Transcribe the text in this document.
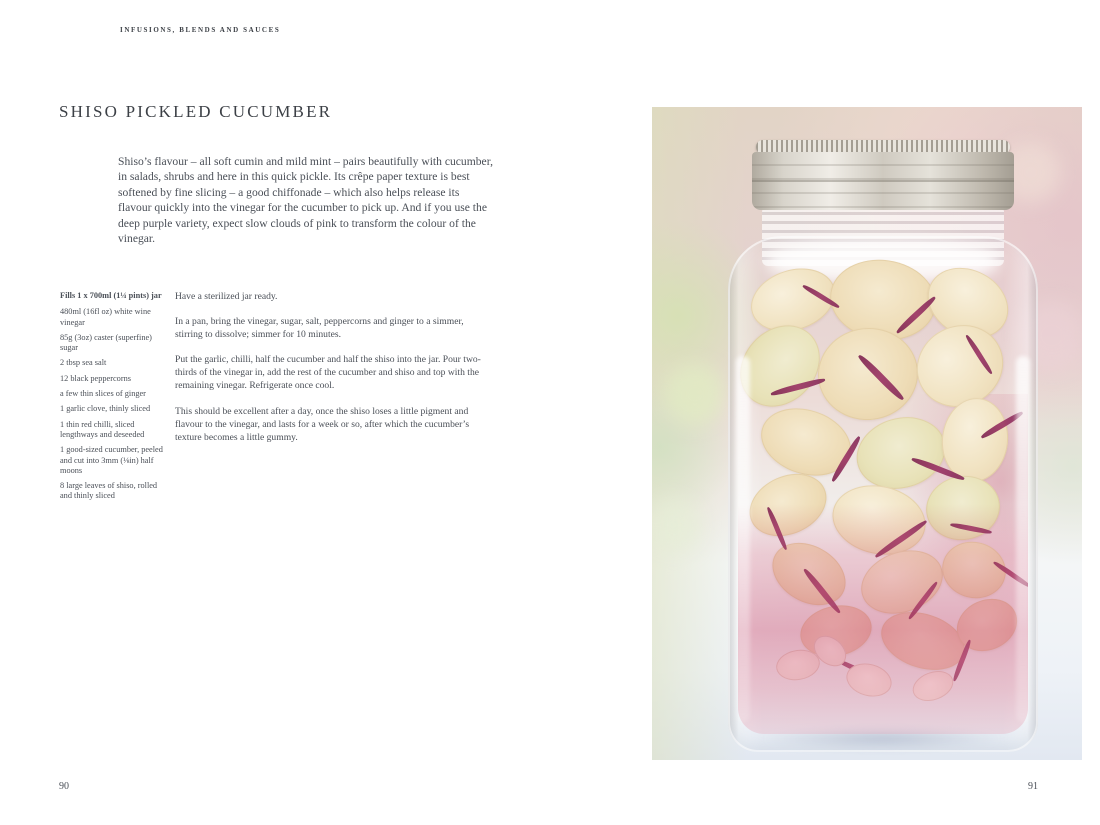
INFUSIONS, BLENDS AND SAUCES
SHISO PICKLED CUCUMBER

Shiso’s flavour – all soft cumin and mild mint – pairs beautifully with cucumber, in salads, shrubs and here in this quick pickle. Its crêpe paper texture is best softened by fine slicing – a good chiffonade – which also helps release its flavour quickly into the vinegar for the cucumber to pick up. And if you use the deep purple variety, expect slow clouds of pink to transform the colour of the vinegar.

Fills 1 x 700ml (1¼ pints) jar
480ml (16fl oz) white wine vinegar
85g (3oz) caster (superfine) sugar
2 tbsp sea salt
12 black peppercorns
a few thin slices of ginger
1 garlic clove, thinly sliced
1 thin red chilli, sliced lengthways and deseeded
1 good-sized cucumber, peeled and cut into 3mm (⅛in) half moons
8 large leaves of shiso, rolled and thinly sliced

Have a sterilized jar ready.

In a pan, bring the vinegar, sugar, salt, peppercorns and ginger to a simmer, stirring to dissolve; simmer for 10 minutes.

Put the garlic, chilli, half the cucumber and half the shiso into the jar. Pour two-thirds of the vinegar in, add the rest of the cucumber and shiso and top with the remaining vinegar. Refrigerate once cool.

This should be excellent after a day, once the shiso loses a little pigment and flavour to the vinegar, and lasts for a week or so, after which the cucumber’s texture becomes a little gummy.

90	91
